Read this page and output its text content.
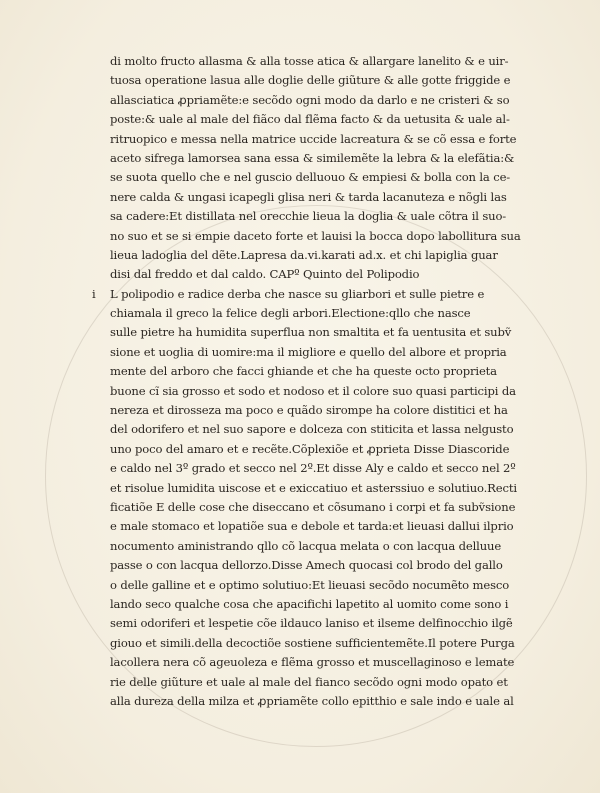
di molto fructo allasma & alla tosse atica & allargare lanelito & e uir-
tuosa operatione lasua alle doglie delle giũture & alle gotte friggide e
allasciatica ꝓpriamẽte:e secõdo ogni modo da darlo e ne cristeri & so
poste:& uale al male del fiãco dal flẽma facto & da uetusita & uale al-
ritruopico e messa nella matrice uccide lacreatura & se cõ essa e forte
aceto sifrega lamorsea sana essa & similemẽte la lebra & la elefãtia:&
se suota quello che e nel guscio delluouo & empiesi & bolla con la ce-
nere calda & ungasi icapegli glisa neri & tarda lacanuteza e nõgli las
sa cadere:Et distillata nel orecchie lieua la doglia & uale cõtra il suo-
no suo et se si empie daceto forte et lauisi la bocca dopo labollitura sua
lieua ladoglia del dẽte.Lapresa da.vi.karati ad.x. et chi lapiglia guar
disi dal freddo et dal caldo. CAPº Quinto del Polipodio
i L polipodio e radice derba che nasce su gliarbori et sulle pietre e
chiamala il greco la felice degli arbori.Electione:qllo che nasce
sulle pietre ha humidita superflua non smaltita et fa uentusita et subṽ
sione et uoglia di uomire:ma il migliore e quello del albore et propria
mente del arboro che facci ghiande et che ha queste octo proprieta
buone cĩ sia grosso et sodo et nodoso et il colore suo quasi participi da
nereza et dirosseza ma poco e quãdo sirompe ha colore distitici et ha
del odorifero et nel suo sapore e dolceza con stiticita et lassa nelgusto
uno poco del amaro et e recẽte.Cõplexiõe et ꝓprieta Disse Diascoride
e caldo nel 3º grado et secco nel 2º.Et disse Aly e caldo et secco nel 2º
et risolue lumidita uiscose et e exiccatiuo et asterssiuo e solutiuo.Recti
ficatiõe E delle cose che diseccano et cõsumano i corpi et fa subṽsione
e male stomaco et lopatiõe sua e debole et tarda:et lieuasi dallui ilprio
nocumento aministrando qllo cõ lacqua melata o con lacqua delluue
passe o con lacqua dellorzo.Disse Amech quocasi col brodo del gallo
o delle galline et e optimo solutiuo:Et lieuasi secõdo nocumẽto mesco
lando seco qualche cosa che apacifichi lapetito al uomito come sono i
semi odoriferi et lespetie cõe ildauco laniso et ilseme delfinocchio ilgẽ
giouo et simili.della decoctiõe sostiene sufficientemẽte.Il potere Purga
lacollera nera cõ ageuoleza e flẽma grosso et muscellaginoso e lemate
rie delle giũture et uale al male del fianco secõdo ogni modo opato et
alla dureza della milza et ꝓpriamẽte collo epitthio e sale indo e uale al
